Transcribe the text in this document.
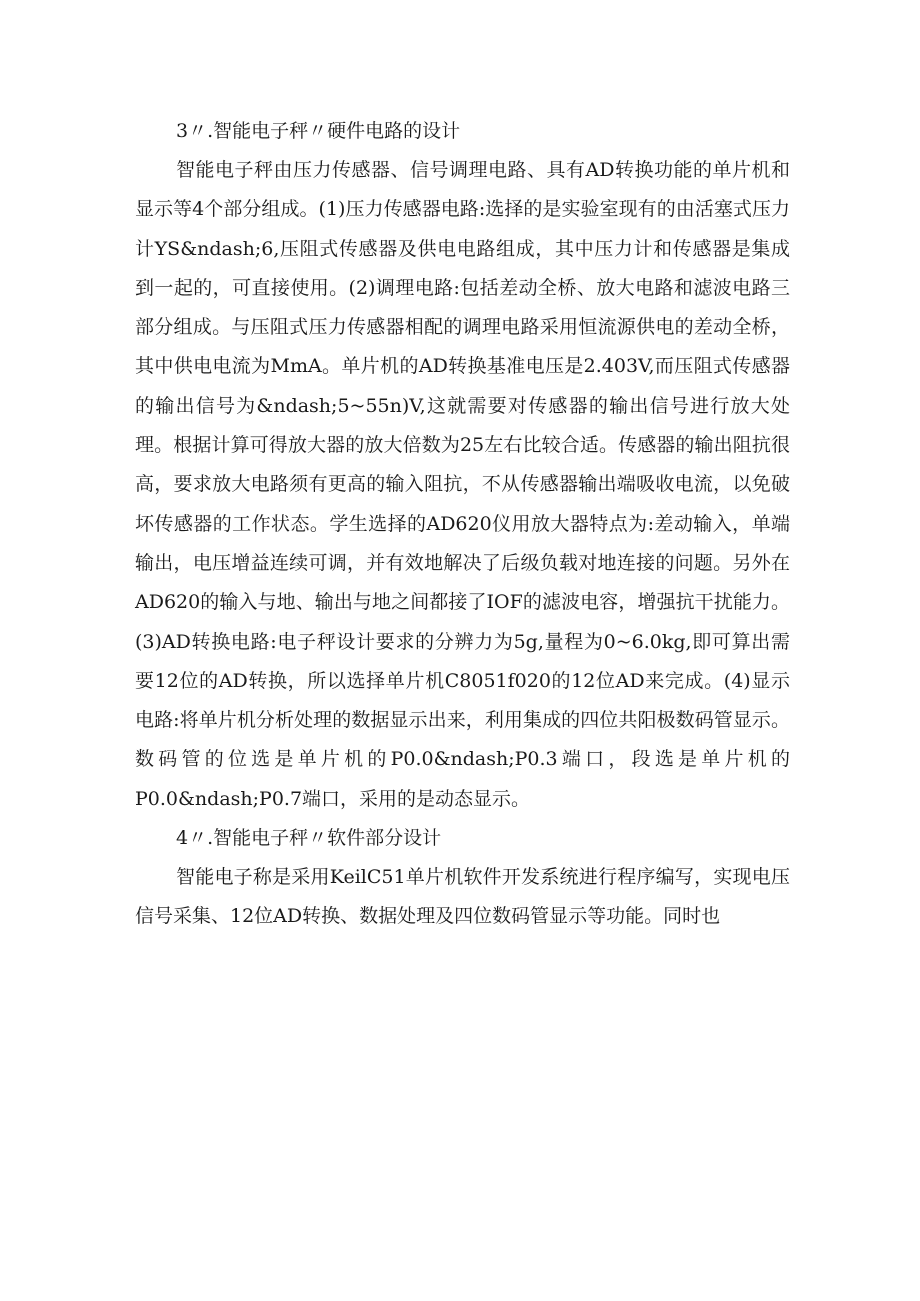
3〃.智能电子秤〃硬件电路的设计

智能电子秤由压力传感器、信号调理电路、具有AD转换功能的单片机和显示等4个部分组成。(1)压力传感器电路:选择的是实验室现有的由活塞式压力计YS&ndash;6,压阻式传感器及供电电路组成，其中压力计和传感器是集成到一起的，可直接使用。(2)调理电路:包括差动全桥、放大电路和滤波电路三部分组成。与压阻式压力传感器相配的调理电路采用恒流源供电的差动全桥，其中供电电流为MmA。单片机的AD转换基准电压是2.403V,而压阻式传感器的输出信号为&ndash;5~55n)V,这就需要对传感器的输出信号进行放大处理。根据计算可得放大器的放大倍数为25左右比较合适。传感器的输出阻抗很高，要求放大电路须有更高的输入阻抗，不从传感器输出端吸收电流，以免破坏传感器的工作状态。学生选择的AD620仪用放大器特点为:差动输入，单端输出，电压增益连续可调，并有效地解决了后级负载对地连接的问题。另外在AD620的输入与地、输出与地之间都接了IOF的滤波电容，增强抗干扰能力。(3)AD转换电路:电子秤设计要求的分辨力为5g,量程为0~6.0kg,即可算出需要12位的AD转换，所以选择单片机C8051f020的12位AD来完成。(4)显示电路:将单片机分析处理的数据显示出来，利用集成的四位共阳极数码管显示。数码管的位选是单片机的P0.0&ndash;P0.3端口，段选是单片机的P0.0&ndash;P0.7端口，采用的是动态显示。

4〃.智能电子秤〃软件部分设计

智能电子称是采用KeilC51单片机软件开发系统进行程序编写，实现电压信号采集、12位AD转换、数据处理及四位数码管显示等功能。同时也
